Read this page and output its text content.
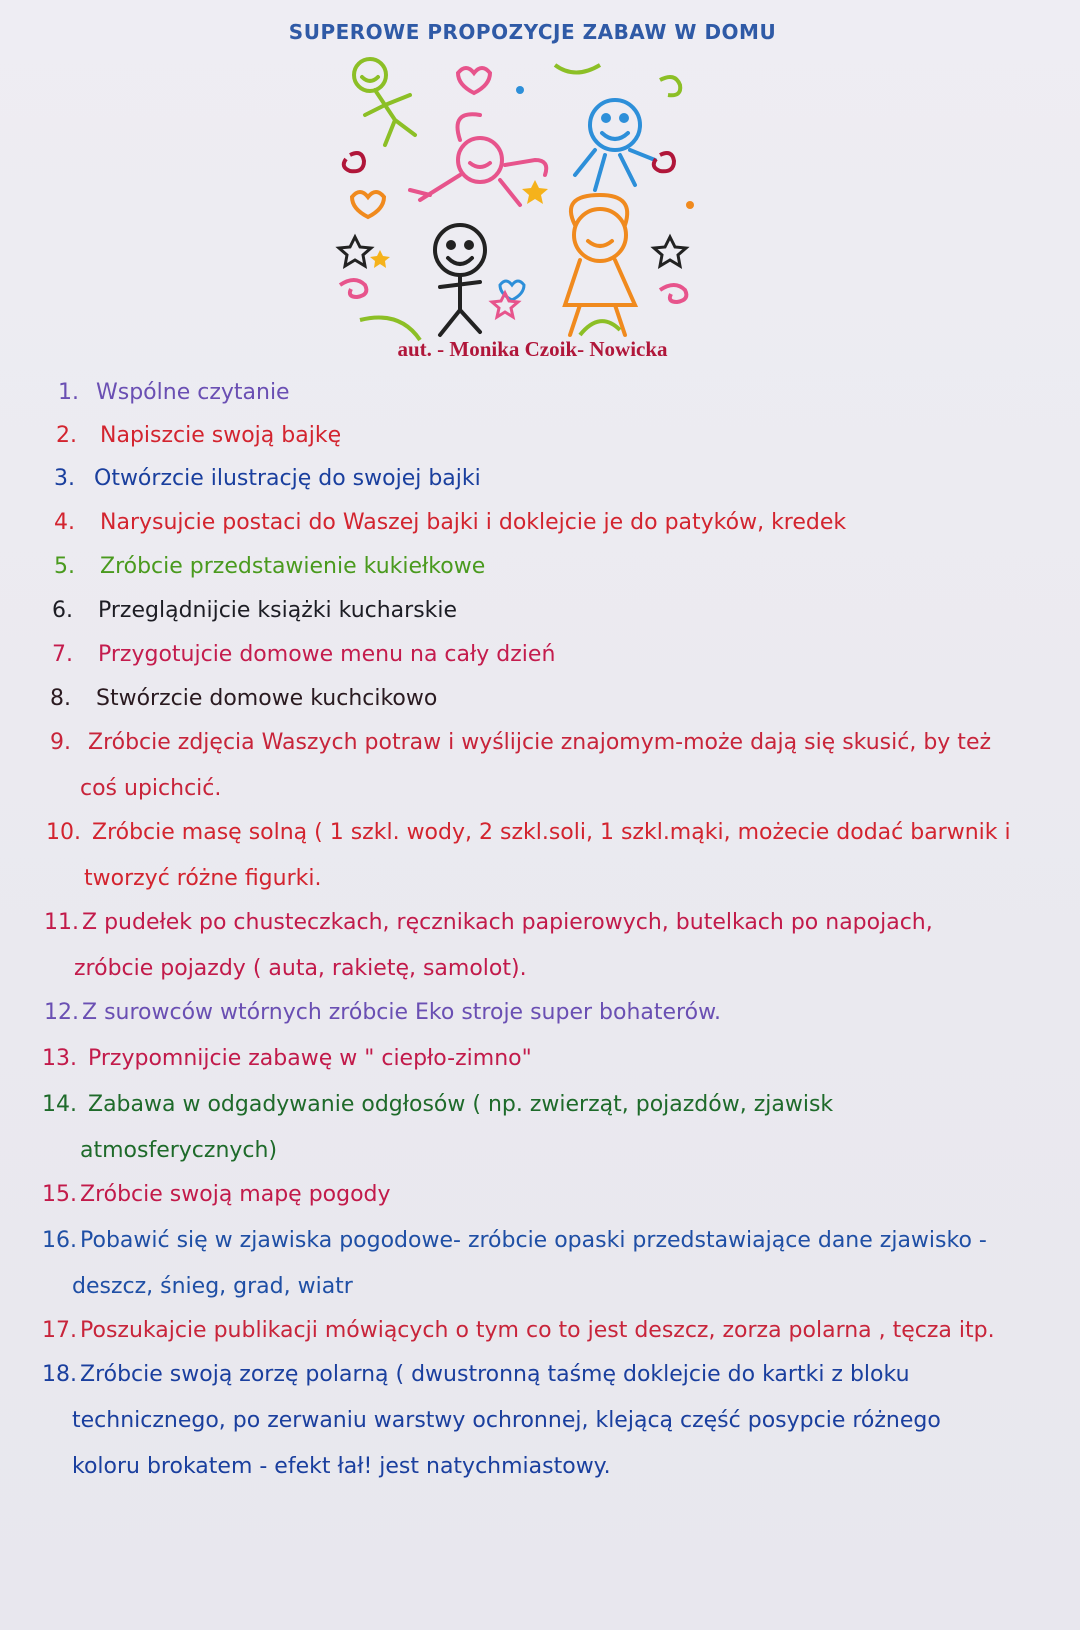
SUPEROWE PROPOZYCJE ZABAW W DOMU
aut. - Monika Czoik- Nowicka
1. Wspólne czytanie
2. Napiszcie swoją bajkę
3. Otwórzcie ilustrację do swojej bajki
4. Narysujcie postaci do Waszej bajki i doklejcie je do patyków, kredek
5. Zróbcie przedstawienie kukiełkowe
6. Przeglądnijcie książki kucharskie
7. Przygotujcie domowe menu na cały dzień
8. Stwórzcie domowe kuchcikowo
9. Zróbcie zdjęcia Waszych potraw i wyślijcie znajomym-może dają się skusić, by też
coś upichcić.
10. Zróbcie masę solną ( 1 szkl. wody, 2 szkl.soli, 1 szkl.mąki, możecie dodać barwnik i
tworzyć różne figurki.
11. Z pudełek po chusteczkach, ręcznikach papierowych, butelkach po napojach,
zróbcie pojazdy ( auta, rakietę, samolot).
12. Z surowców wtórnych zróbcie Eko stroje super bohaterów.
13. Przypomnijcie zabawę w " ciepło-zimno"
14. Zabawa w odgadywanie odgłosów ( np. zwierząt, pojazdów, zjawisk
atmosferycznych)
15. Zróbcie swoją mapę pogody
16. Pobawić się w zjawiska pogodowe- zróbcie opaski przedstawiające dane zjawisko -
deszcz, śnieg, grad, wiatr
17. Poszukajcie publikacji mówiących o tym co to jest deszcz, zorza polarna , tęcza itp.
18. Zróbcie swoją zorzę polarną ( dwustronną taśmę doklejcie do kartki z bloku
technicznego, po zerwaniu warstwy ochronnej, klejącą część posypcie różnego
koloru brokatem - efekt łał! jest natychmiastowy.
